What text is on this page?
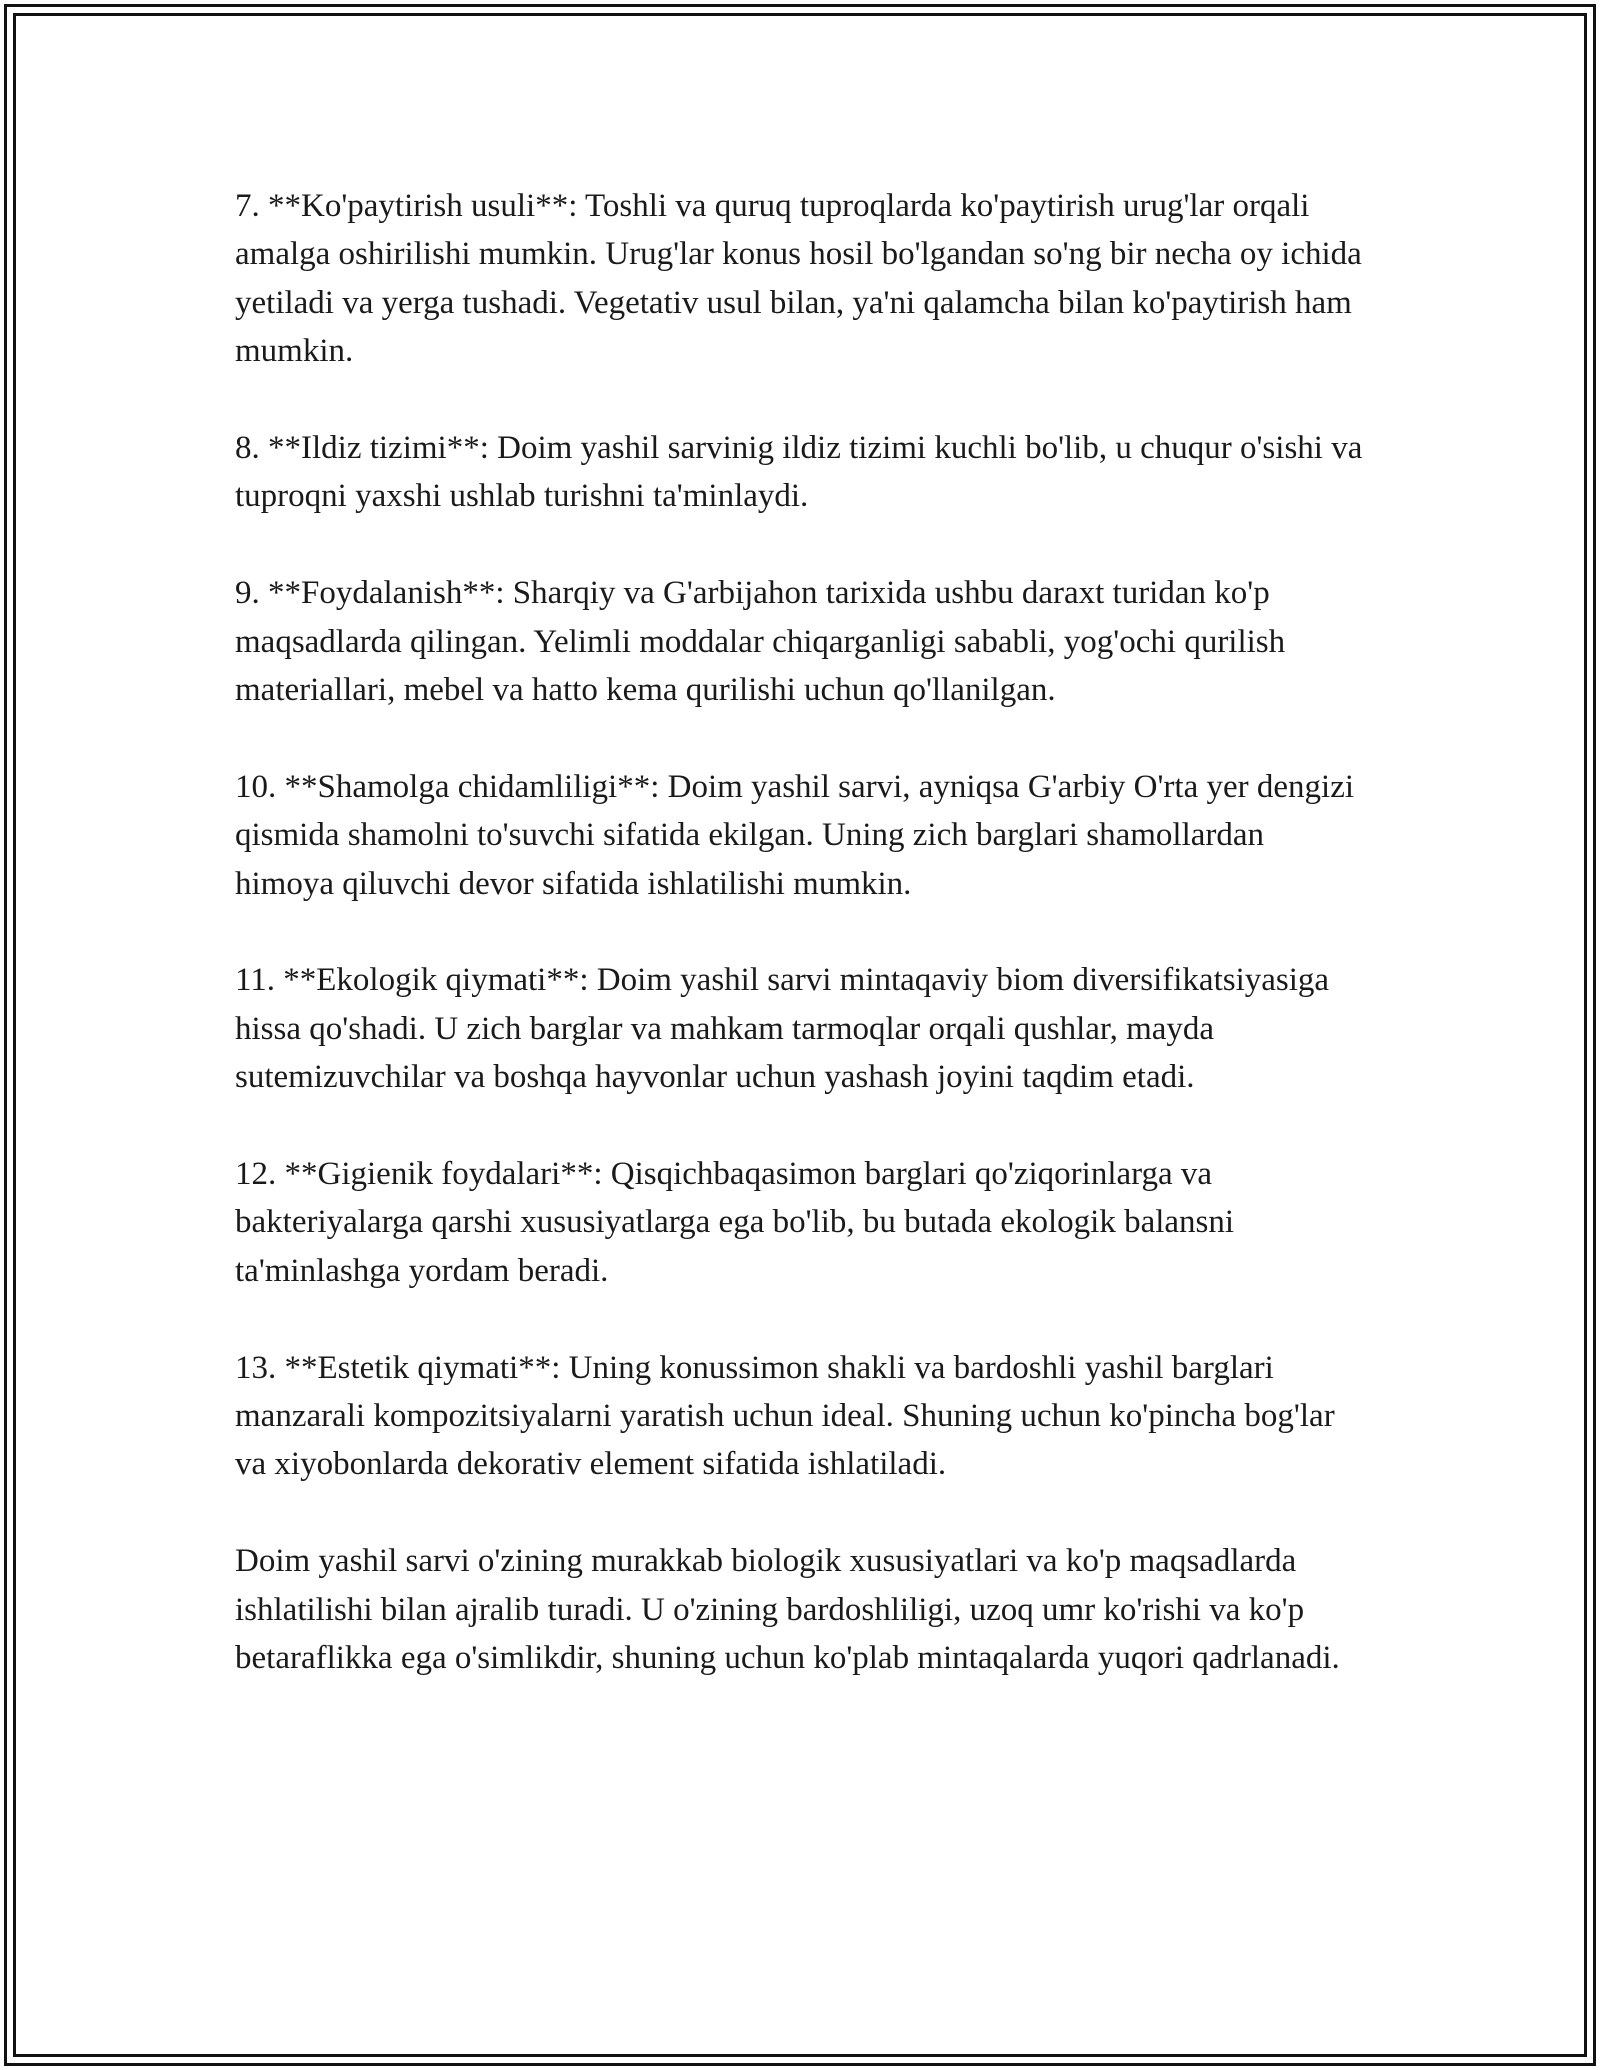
7. **Ko'paytirish usuli**: Toshli va quruq tuproqlarda ko'paytirish urug'lar orqali amalga oshirilishi mumkin. Urug'lar konus hosil bo'lgandan so'ng bir necha oy ichida yetiladi va yerga tushadi. Vegetativ usul bilan, ya'ni qalamcha bilan ko'paytirish ham mumkin.

8. **Ildiz tizimi**: Doim yashil sarvinig ildiz tizimi kuchli bo'lib, u chuqur o'sishi va tuproqni yaxshi ushlab turishni ta'minlaydi.

9. **Foydalanish**: Sharqiy va G'arbijahon tarixida ushbu daraxt turidan ko'p maqsadlarda qilingan. Yelimli moddalar chiqarganligi sababli, yog'ochi qurilish materiallari, mebel va hatto kema qurilishi uchun qo'llanilgan.

10. **Shamolga chidamliligi**: Doim yashil sarvi, ayniqsa G'arbiy O'rta yer dengizi qismida shamolni to'suvchi sifatida ekilgan. Uning zich barglari shamollardan himoya qiluvchi devor sifatida ishlatilishi mumkin.

11. **Ekologik qiymati**: Doim yashil sarvi mintaqaviy biom diversifikatsiyasiga hissa qo'shadi. U zich barglar va mahkam tarmoqlar orqali qushlar, mayda sutemizuvchilar va boshqa hayvonlar uchun yashash joyini taqdim etadi.

12. **Gigienik foydalari**: Qisqichbaqasimon barglari qo'ziqorinlarga va bakteriyalarga qarshi xususiyatlarga ega bo'lib, bu butada ekologik balansni ta'minlashga yordam beradi.

13. **Estetik qiymati**: Uning konussimon shakli va bardoshli yashil barglari manzarali kompozitsiyalarni yaratish uchun ideal. Shuning uchun ko'pincha bog'lar va xiyobonlarda dekorativ element sifatida ishlatiladi.

Doim yashil sarvi o'zining murakkab biologik xususiyatlari va ko'p maqsadlarda ishlatilishi bilan ajralib turadi. U o'zining bardoshliligi, uzoq umr ko'rishi va ko'p betaraflikka ega o'simlikdir, shuning uchun ko'plab mintaqalarda yuqori qadrlanadi.
